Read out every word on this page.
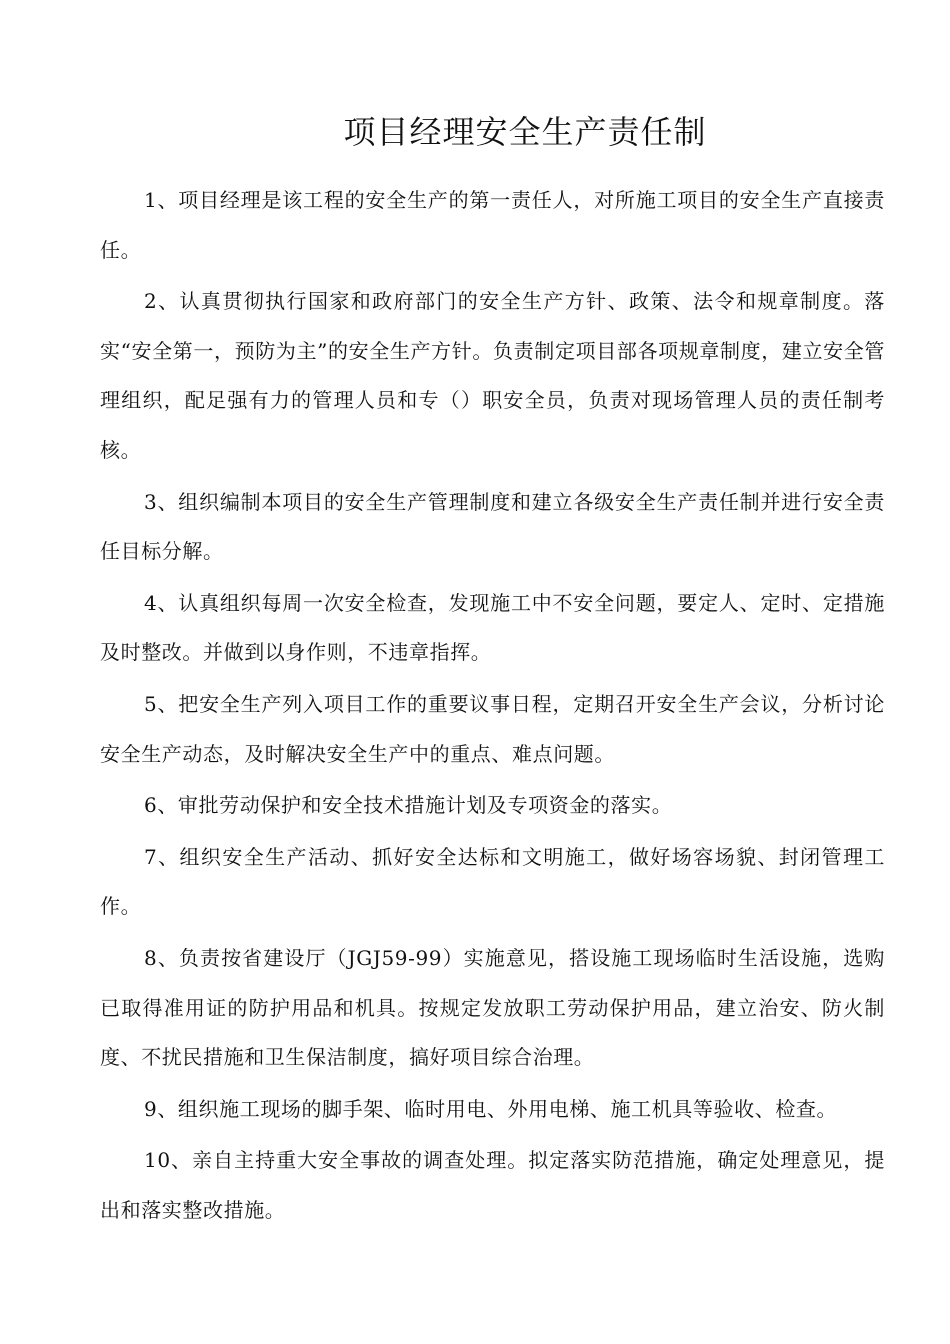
项目经理安全生产责任制

1、项目经理是该工程的安全生产的第一责任人，对所施工项目的安全生产直接责任。

2、认真贯彻执行国家和政府部门的安全生产方针、政策、法令和规章制度。落实“安全第一，预防为主”的安全生产方针。负责制定项目部各项规章制度，建立安全管理组织，配足强有力的管理人员和专（）职安全员，负责对现场管理人员的责任制考核。

3、组织编制本项目的安全生产管理制度和建立各级安全生产责任制并进行安全责任目标分解。

4、认真组织每周一次安全检查，发现施工中不安全问题，要定人、定时、定措施及时整改。并做到以身作则，不违章指挥。

5、把安全生产列入项目工作的重要议事日程，定期召开安全生产会议，分析讨论安全生产动态，及时解决安全生产中的重点、难点问题。

6、审批劳动保护和安全技术措施计划及专项资金的落实。

7、组织安全生产活动、抓好安全达标和文明施工，做好场容场貌、封闭管理工作。

8、负责按省建设厅（JGJ59-99）实施意见，搭设施工现场临时生活设施，选购已取得准用证的防护用品和机具。按规定发放职工劳动保护用品，建立治安、防火制度、不扰民措施和卫生保洁制度，搞好项目综合治理。

9、组织施工现场的脚手架、临时用电、外用电梯、施工机具等验收、检查。

10、亲自主持重大安全事故的调查处理。拟定落实防范措施，确定处理意见，提出和落实整改措施。
